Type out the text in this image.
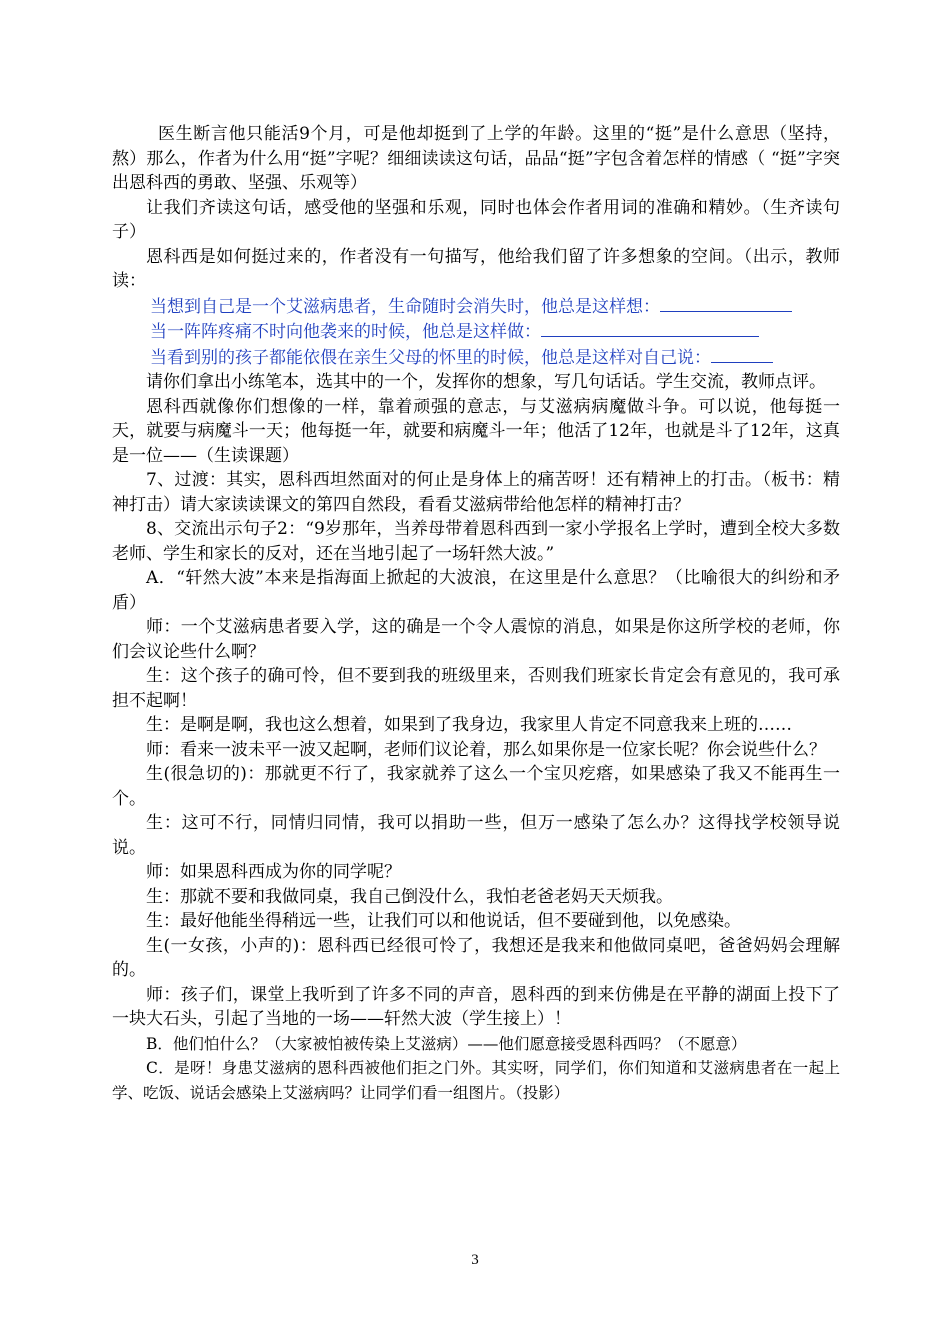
医生断言他只能活9个月，可是他却挺到了上学的年龄。这里的“挺”是什么意思（坚持，熬）那么，作者为什么用“挺”字呢？细细读读这句话，品品“挺”字包含着怎样的情感（ “挺”字突出恩科西的勇敢、坚强、乐观等）

让我们齐读这句话，感受他的坚强和乐观，同时也体会作者用词的准确和精妙。（生齐读句子）

恩科西是如何挺过来的，作者没有一句描写，他给我们留了许多想象的空间。（出示，教师读：

当想到自己是一个艾滋病患者，生命随时会消失时，他总是这样想：

当一阵阵疼痛不时向他袭来的时候，他总是这样做：

当看到别的孩子都能依偎在亲生父母的怀里的时候，他总是这样对自己说：

请你们拿出小练笔本，选其中的一个，发挥你的想象，写几句话话。学生交流，教师点评。

恩科西就像你们想像的一样，靠着顽强的意志，与艾滋病病魔做斗争。可以说，他每挺一天，就要与病魔斗一天；他每挺一年，就要和病魔斗一年；他活了12年，也就是斗了12年，这真是一位——（生读课题）

7、过渡：其实，恩科西坦然面对的何止是身体上的痛苦呀！还有精神上的打击。（板书：精神打击）请大家读读课文的第四自然段，看看艾滋病带给他怎样的精神打击？

8、交流出示句子2：“9岁那年，当养母带着恩科西到一家小学报名上学时，遭到全校大多数老师、学生和家长的反对，还在当地引起了一场轩然大波。”

A．“轩然大波”本来是指海面上掀起的大波浪，在这里是什么意思？（比喻很大的纠纷和矛盾）

师：一个艾滋病患者要入学，这的确是一个令人震惊的消息，如果是你这所学校的老师，你们会议论些什么啊？

生：这个孩子的确可怜，但不要到我的班级里来，否则我们班家长肯定会有意见的，我可承担不起啊！

生：是啊是啊，我也这么想着，如果到了我身边，我家里人肯定不同意我来上班的……

师：看来一波未平一波又起啊，老师们议论着，那么如果你是一位家长呢？你会说些什么？

生(很急切的)：那就更不行了，我家就养了这么一个宝贝疙瘩，如果感染了我又不能再生一个。

生：这可不行，同情归同情，我可以捐助一些，但万一感染了怎么办？这得找学校领导说说。

师：如果恩科西成为你的同学呢？

生：那就不要和我做同桌，我自己倒没什么，我怕老爸老妈天天烦我。

生：最好他能坐得稍远一些，让我们可以和他说话，但不要碰到他，以免感染。

生(一女孩，小声的)：恩科西已经很可怜了，我想还是我来和他做同桌吧，爸爸妈妈会理解的。

师：孩子们，课堂上我听到了许多不同的声音，恩科西的到来仿佛是在平静的湖面上投下了一块大石头，引起了当地的一场——轩然大波（学生接上）！

B．他们怕什么？（大家被怕被传染上艾滋病）——他们愿意接受恩科西吗？（不愿意）

C．是呀！身患艾滋病的恩科西被他们拒之门外。其实呀，同学们，你们知道和艾滋病患者在一起上学、吃饭、说话会感染上艾滋病吗？让同学们看一组图片。（投影）

3
